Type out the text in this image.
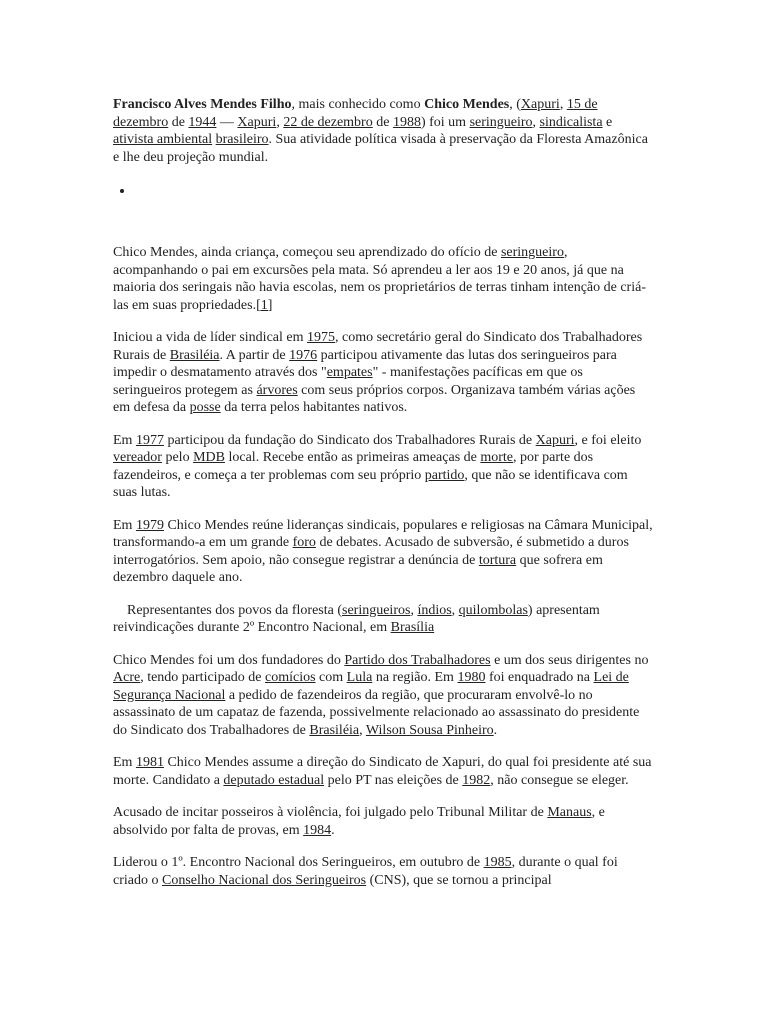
Francisco Alves Mendes Filho, mais conhecido como Chico Mendes, (Xapuri, 15 de dezembro de 1944 — Xapuri, 22 de dezembro de 1988) foi um seringueiro, sindicalista e ativista ambiental brasileiro. Sua atividade política visada à preservação da Floresta Amazônica e lhe deu projeção mundial.

•

Chico Mendes, ainda criança, começou seu aprendizado do ofício de seringueiro, acompanhando o pai em excursões pela mata. Só aprendeu a ler aos 19 e 20 anos, já que na maioria dos seringais não havia escolas, nem os proprietários de terras tinham intenção de criá-las em suas propriedades.[1]

Iniciou a vida de líder sindical em 1975, como secretário geral do Sindicato dos Trabalhadores Rurais de Brasiléia. A partir de 1976 participou ativamente das lutas dos seringueiros para impedir o desmatamento através dos "empates" - manifestações pacíficas em que os seringueiros protegem as árvores com seus próprios corpos. Organizava também várias ações em defesa da posse da terra pelos habitantes nativos.

Em 1977 participou da fundação do Sindicato dos Trabalhadores Rurais de Xapuri, e foi eleito vereador pelo MDB local. Recebe então as primeiras ameaças de morte, por parte dos fazendeiros, e começa a ter problemas com seu próprio partido, que não se identificava com suas lutas.

Em 1979 Chico Mendes reúne lideranças sindicais, populares e religiosas na Câmara Municipal, transformando-a em um grande foro de debates. Acusado de subversão, é submetido a duros interrogatórios. Sem apoio, não consegue registrar a denúncia de tortura que sofrera em dezembro daquele ano.

Representantes dos povos da floresta (seringueiros, índios, quilombolas) apresentam reivindicações durante 2º Encontro Nacional, em Brasília

Chico Mendes foi um dos fundadores do Partido dos Trabalhadores e um dos seus dirigentes no Acre, tendo participado de comícios com Lula na região. Em 1980 foi enquadrado na Lei de Segurança Nacional a pedido de fazendeiros da região, que procuraram envolvê-lo no assassinato de um capataz de fazenda, possivelmente relacionado ao assassinato do presidente do Sindicato dos Trabalhadores de Brasiléia, Wilson Sousa Pinheiro.

Em 1981 Chico Mendes assume a direção do Sindicato de Xapuri, do qual foi presidente até sua morte. Candidato a deputado estadual pelo PT nas eleições de 1982, não consegue se eleger.

Acusado de incitar posseiros à violência, foi julgado pelo Tribunal Militar de Manaus, e absolvido por falta de provas, em 1984.

Liderou o 1º. Encontro Nacional dos Seringueiros, em outubro de 1985, durante o qual foi criado o Conselho Nacional dos Seringueiros (CNS), que se tornou a principal
